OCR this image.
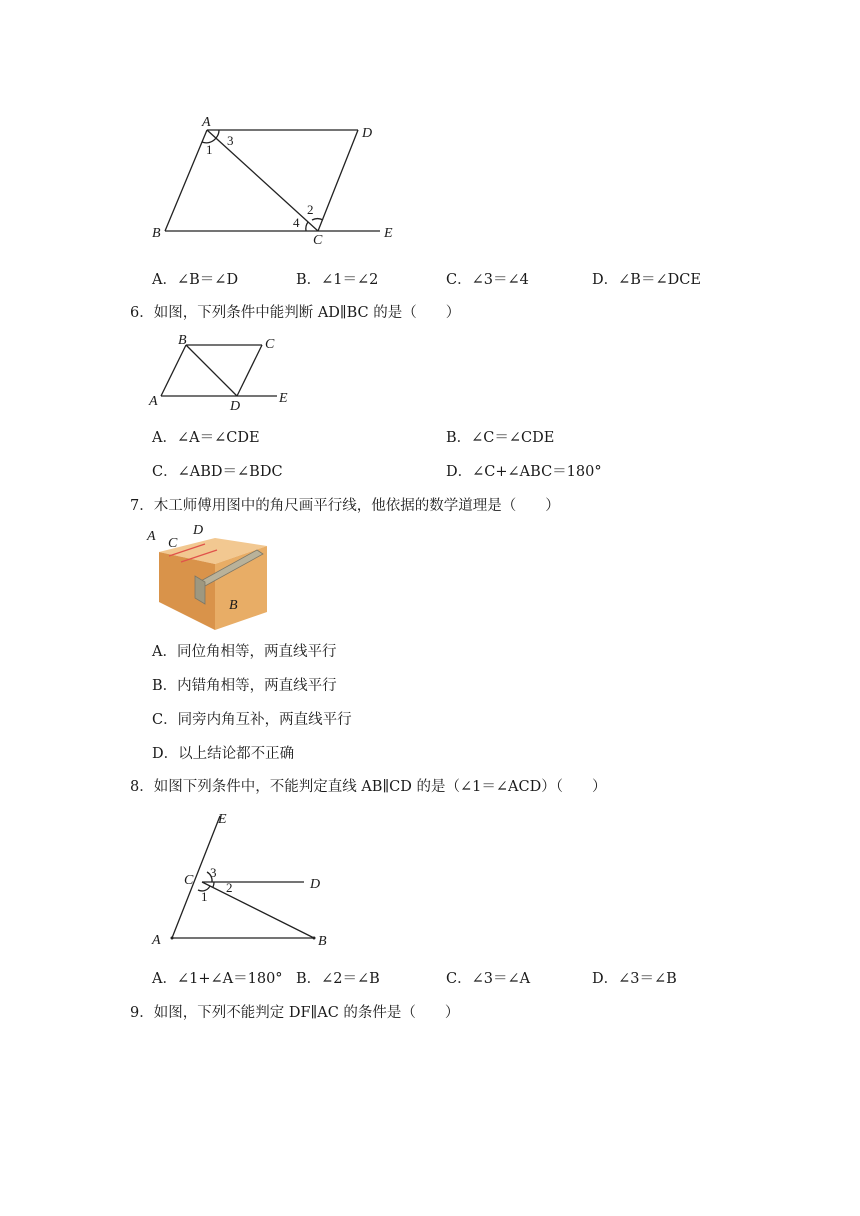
A
D
B	C	E
1
3
2
4
A．∠B＝∠D	B．∠1＝∠2	C．∠3＝∠4	D．∠B＝∠DCE
6．如图，下列条件中能判断 AD∥BC 的是（　　）
B	C
A	D
E
A．∠A＝∠CDE	B．∠C＝∠CDE
C．∠ABD＝∠BDC	D．∠C+∠ABC＝180°
7．木工师傅用图中的角尺画平行线，他依据的数学道理是（　　）
A C
D
B
A．同位角相等，两直线平行
B．内错角相等，两直线平行
C．同旁内角互补，两直线平行
D．以上结论都不正确
8．如图下列条件中，不能判定直线 AB∥CD 的是（∠1＝∠ACD）（　　）
E
C	D
A	B
3
2
1
A．∠1+∠A＝180° B．∠2＝∠B	C．∠3＝∠A	D．∠3＝∠B
9．如图，下列不能判定 DF∥AC 的条件是（　　）
